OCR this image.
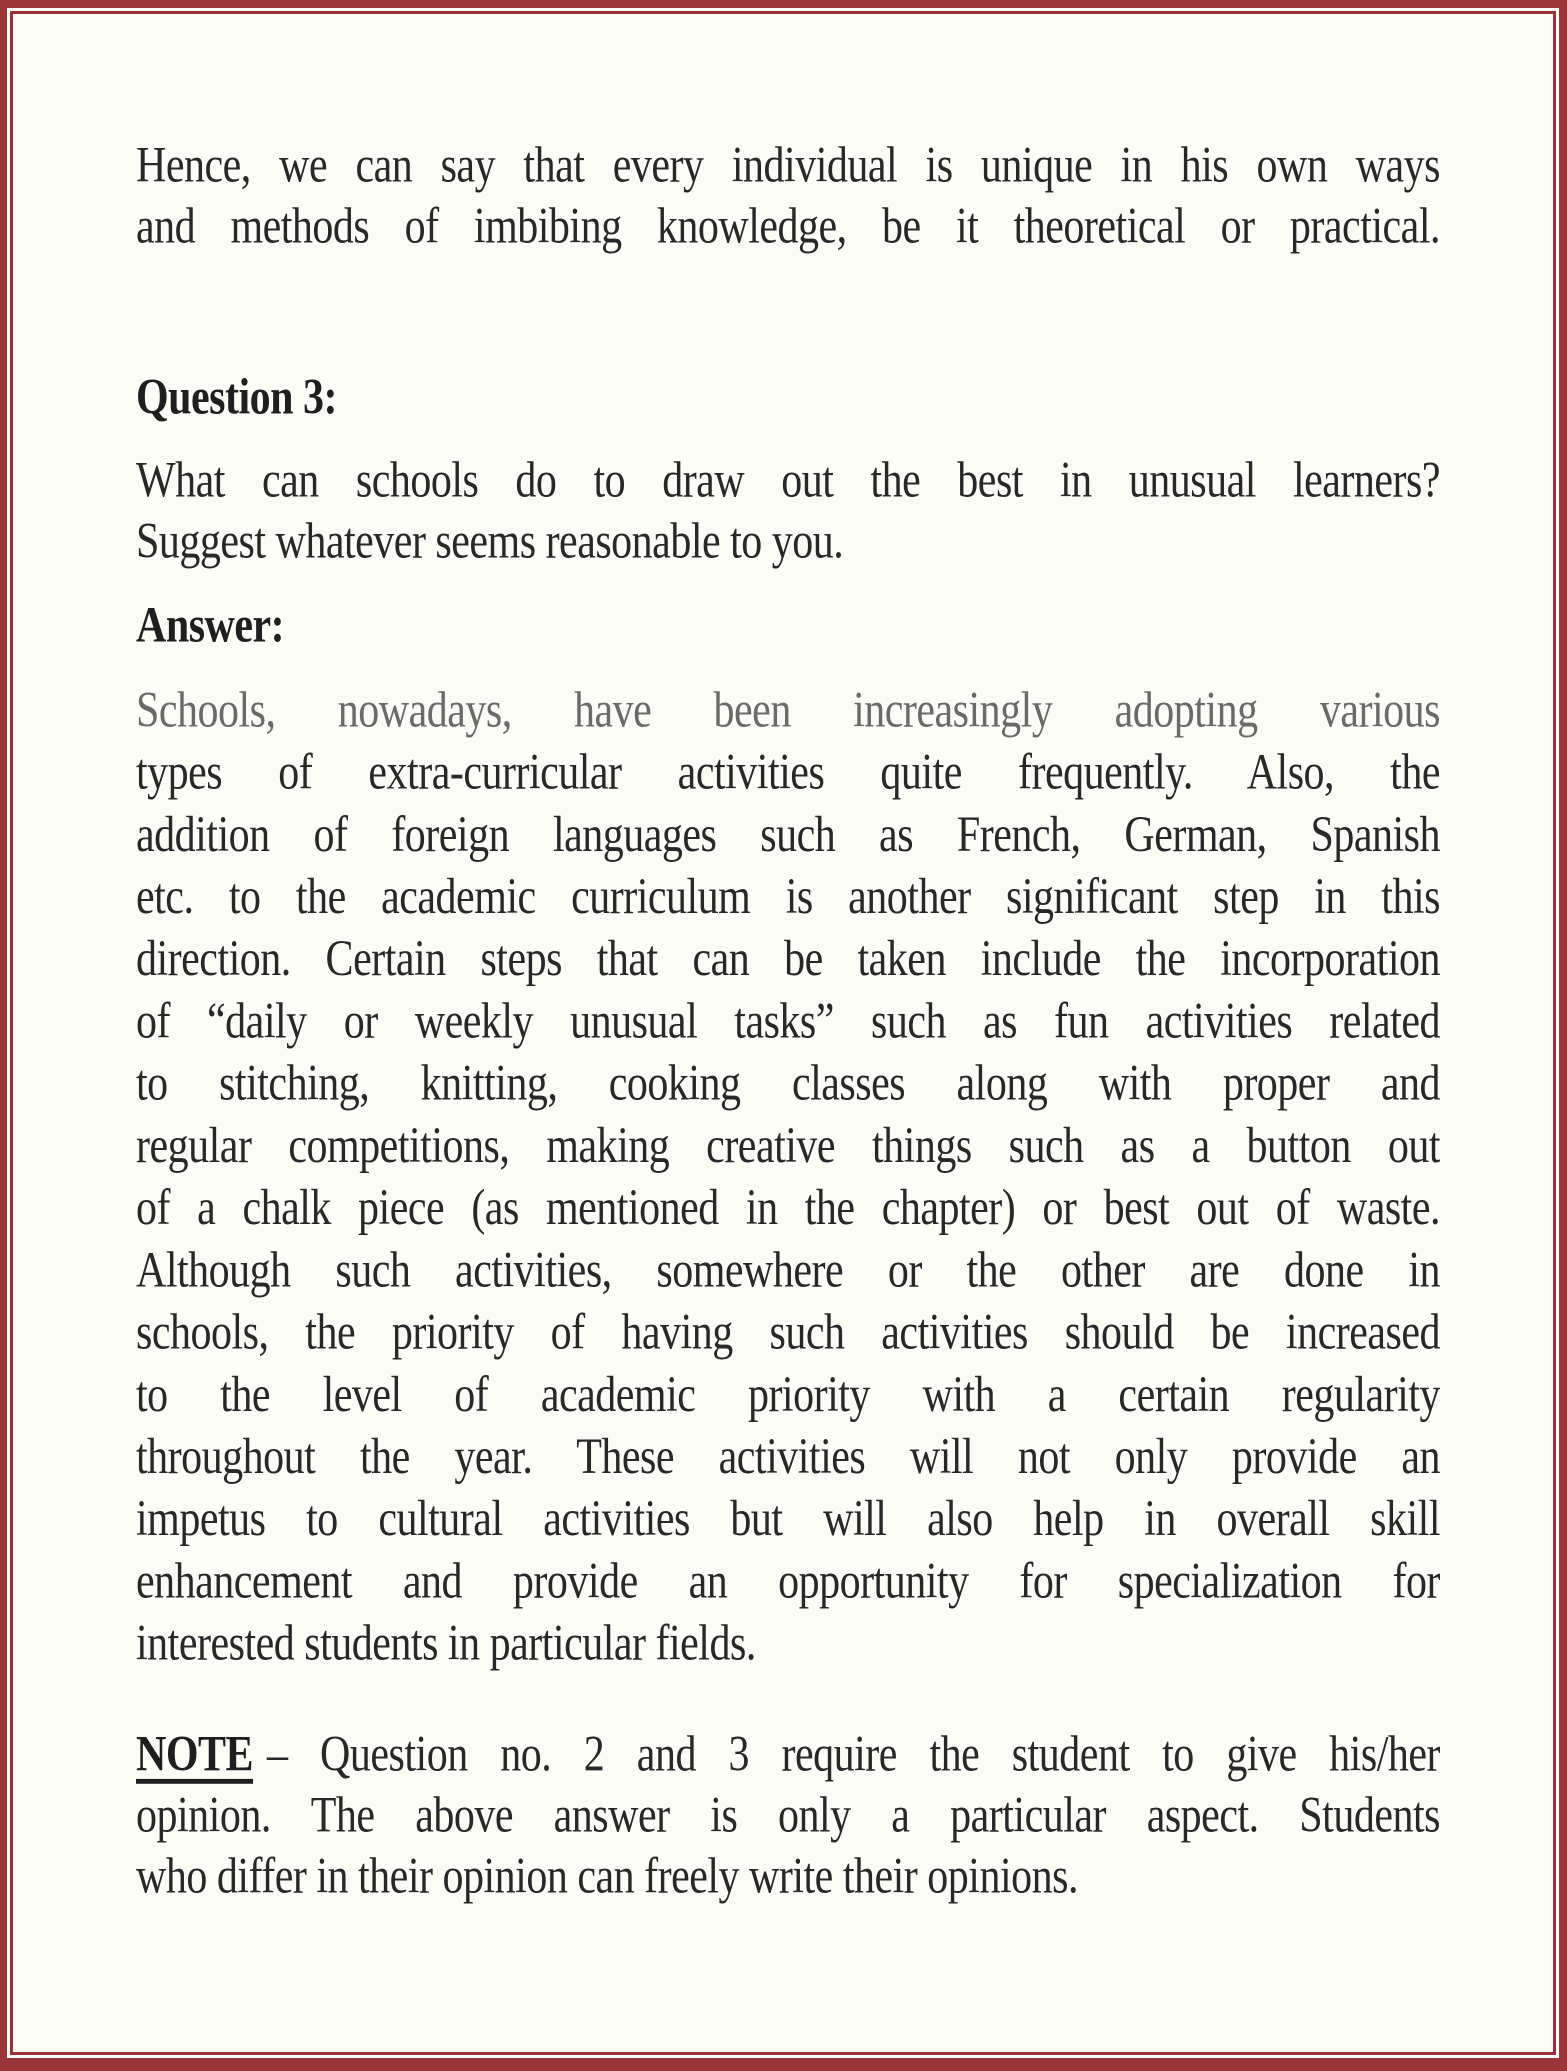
Hence, we can say that every individual is unique in his own ways
and methods of imbibing knowledge, be it theoretical or practical.
Question 3:
What can schools do to draw out the best in unusual learners?
Suggest whatever seems reasonable to you.
Answer:
Schools, nowadays, have been increasingly adopting various
types of extra-curricular activities quite frequently. Also, the
addition of foreign languages such as French, German, Spanish
etc. to the academic curriculum is another significant step in this
direction. Certain steps that can be taken include the incorporation
of “daily or weekly unusual tasks” such as fun activities related
to stitching, knitting, cooking classes along with proper and
regular competitions, making creative things such as a button out
of a chalk piece (as mentioned in the chapter) or best out of waste.
Although such activities, somewhere or the other are done in
schools, the priority of having such activities should be increased
to the level of academic priority with a certain regularity
throughout the year. These activities will not only provide an
impetus to cultural activities but will also help in overall skill
enhancement and provide an opportunity for specialization for
interested students in particular fields.
NOTE – Question no. 2 and 3 require the student to give his/her
opinion. The above answer is only a particular aspect. Students
who differ in their opinion can freely write their opinions.
